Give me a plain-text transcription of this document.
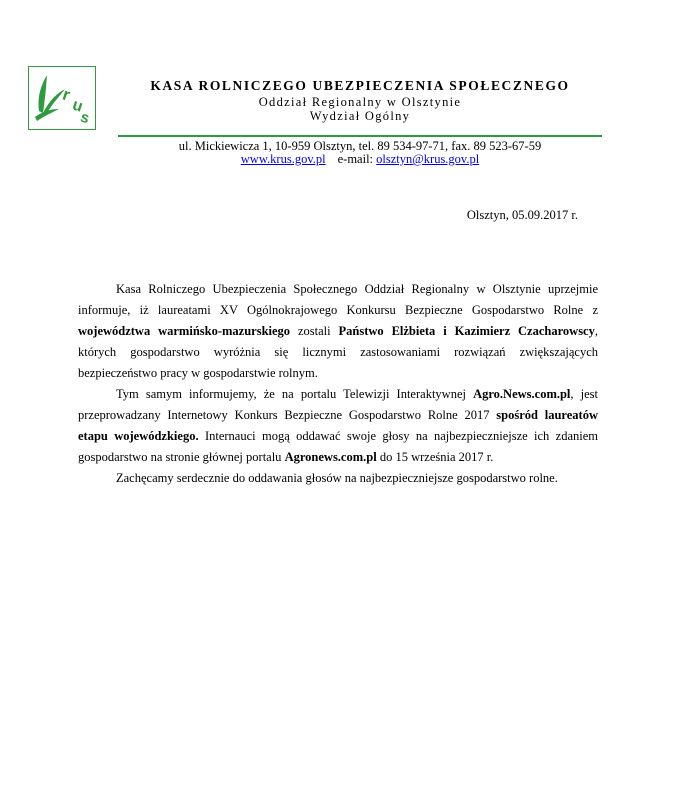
r
u
s
KASA ROLNICZEGO UBEZPIECZENIA SPOŁECZNEGO
Oddział Regionalny w Olsztynie
Wydział Ogólny
ul. Mickiewicza 1, 10-959 Olsztyn, tel. 89 534-97-71, fax. 89 523-67-59
www.krus.gov.pl e-mail: olsztyn@krus.gov.pl
Olsztyn, 05.09.2017 r.

Kasa Rolniczego Ubezpieczenia Społecznego Oddział Regionalny w Olsztynie uprzejmie informuje, iż laureatami XV Ogólnokrajowego Konkursu Bezpieczne Gospodarstwo Rolne z województwa warmińsko-mazurskiego zostali Państwo Elżbieta i Kazimierz Czacharowscy, których gospodarstwo wyróżnia się licznymi zastosowaniami rozwiązań zwiększających bezpieczeństwo pracy w gospodarstwie rolnym.

Tym samym informujemy, że na portalu Telewizji Interaktywnej Agro.News.com.pl, jest przeprowadzany Internetowy Konkurs Bezpieczne Gospodarstwo Rolne 2017 spośród laureatów etapu wojewódzkiego. Internauci mogą oddawać swoje głosy na najbezpieczniejsze ich zdaniem gospodarstwo na stronie głównej portalu Agronews.com.pl do 15 września 2017 r.

Zachęcamy serdecznie do oddawania głosów na najbezpieczniejsze gospodarstwo rolne.
